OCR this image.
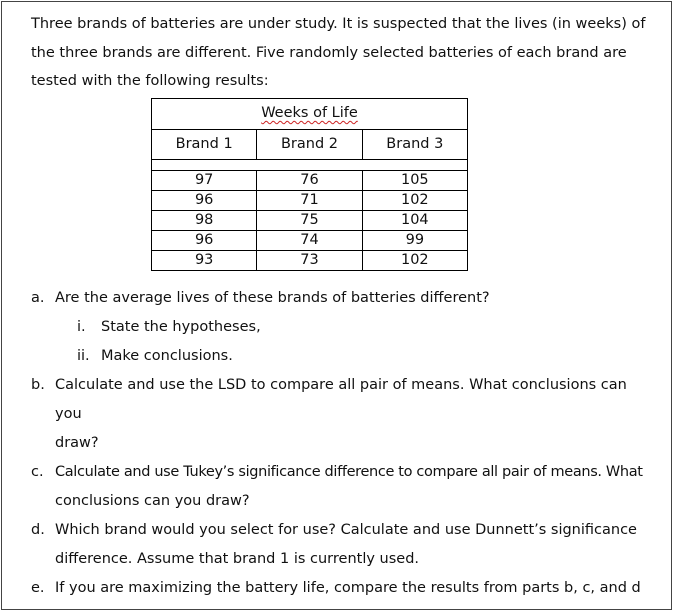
Three brands of batteries are under study. It is suspected that the lives (in weeks) of
the three brands are different. Five randomly selected batteries of each brand are
tested with the following results:

Weeks of Life
Brand 1	Brand 2	Brand 3
97	76	105
96	71	102
98	75	104
96	74	99
93	73	102
a. Are the average lives of these brands of batteries different?
i.	State the hypotheses,
ii. Make conclusions.
b. Calculate and use the LSD to compare all pair of means. What conclusions can you
draw?
c. Calculate and use Tukey’s significance difference to compare all pair of means. What
conclusions can you draw?
d. Which brand would you select for use? Calculate and use Dunnett’s significance
difference. Assume that brand 1 is currently used.
e. If you are maximizing the battery life, compare the results from parts b, c, and d
